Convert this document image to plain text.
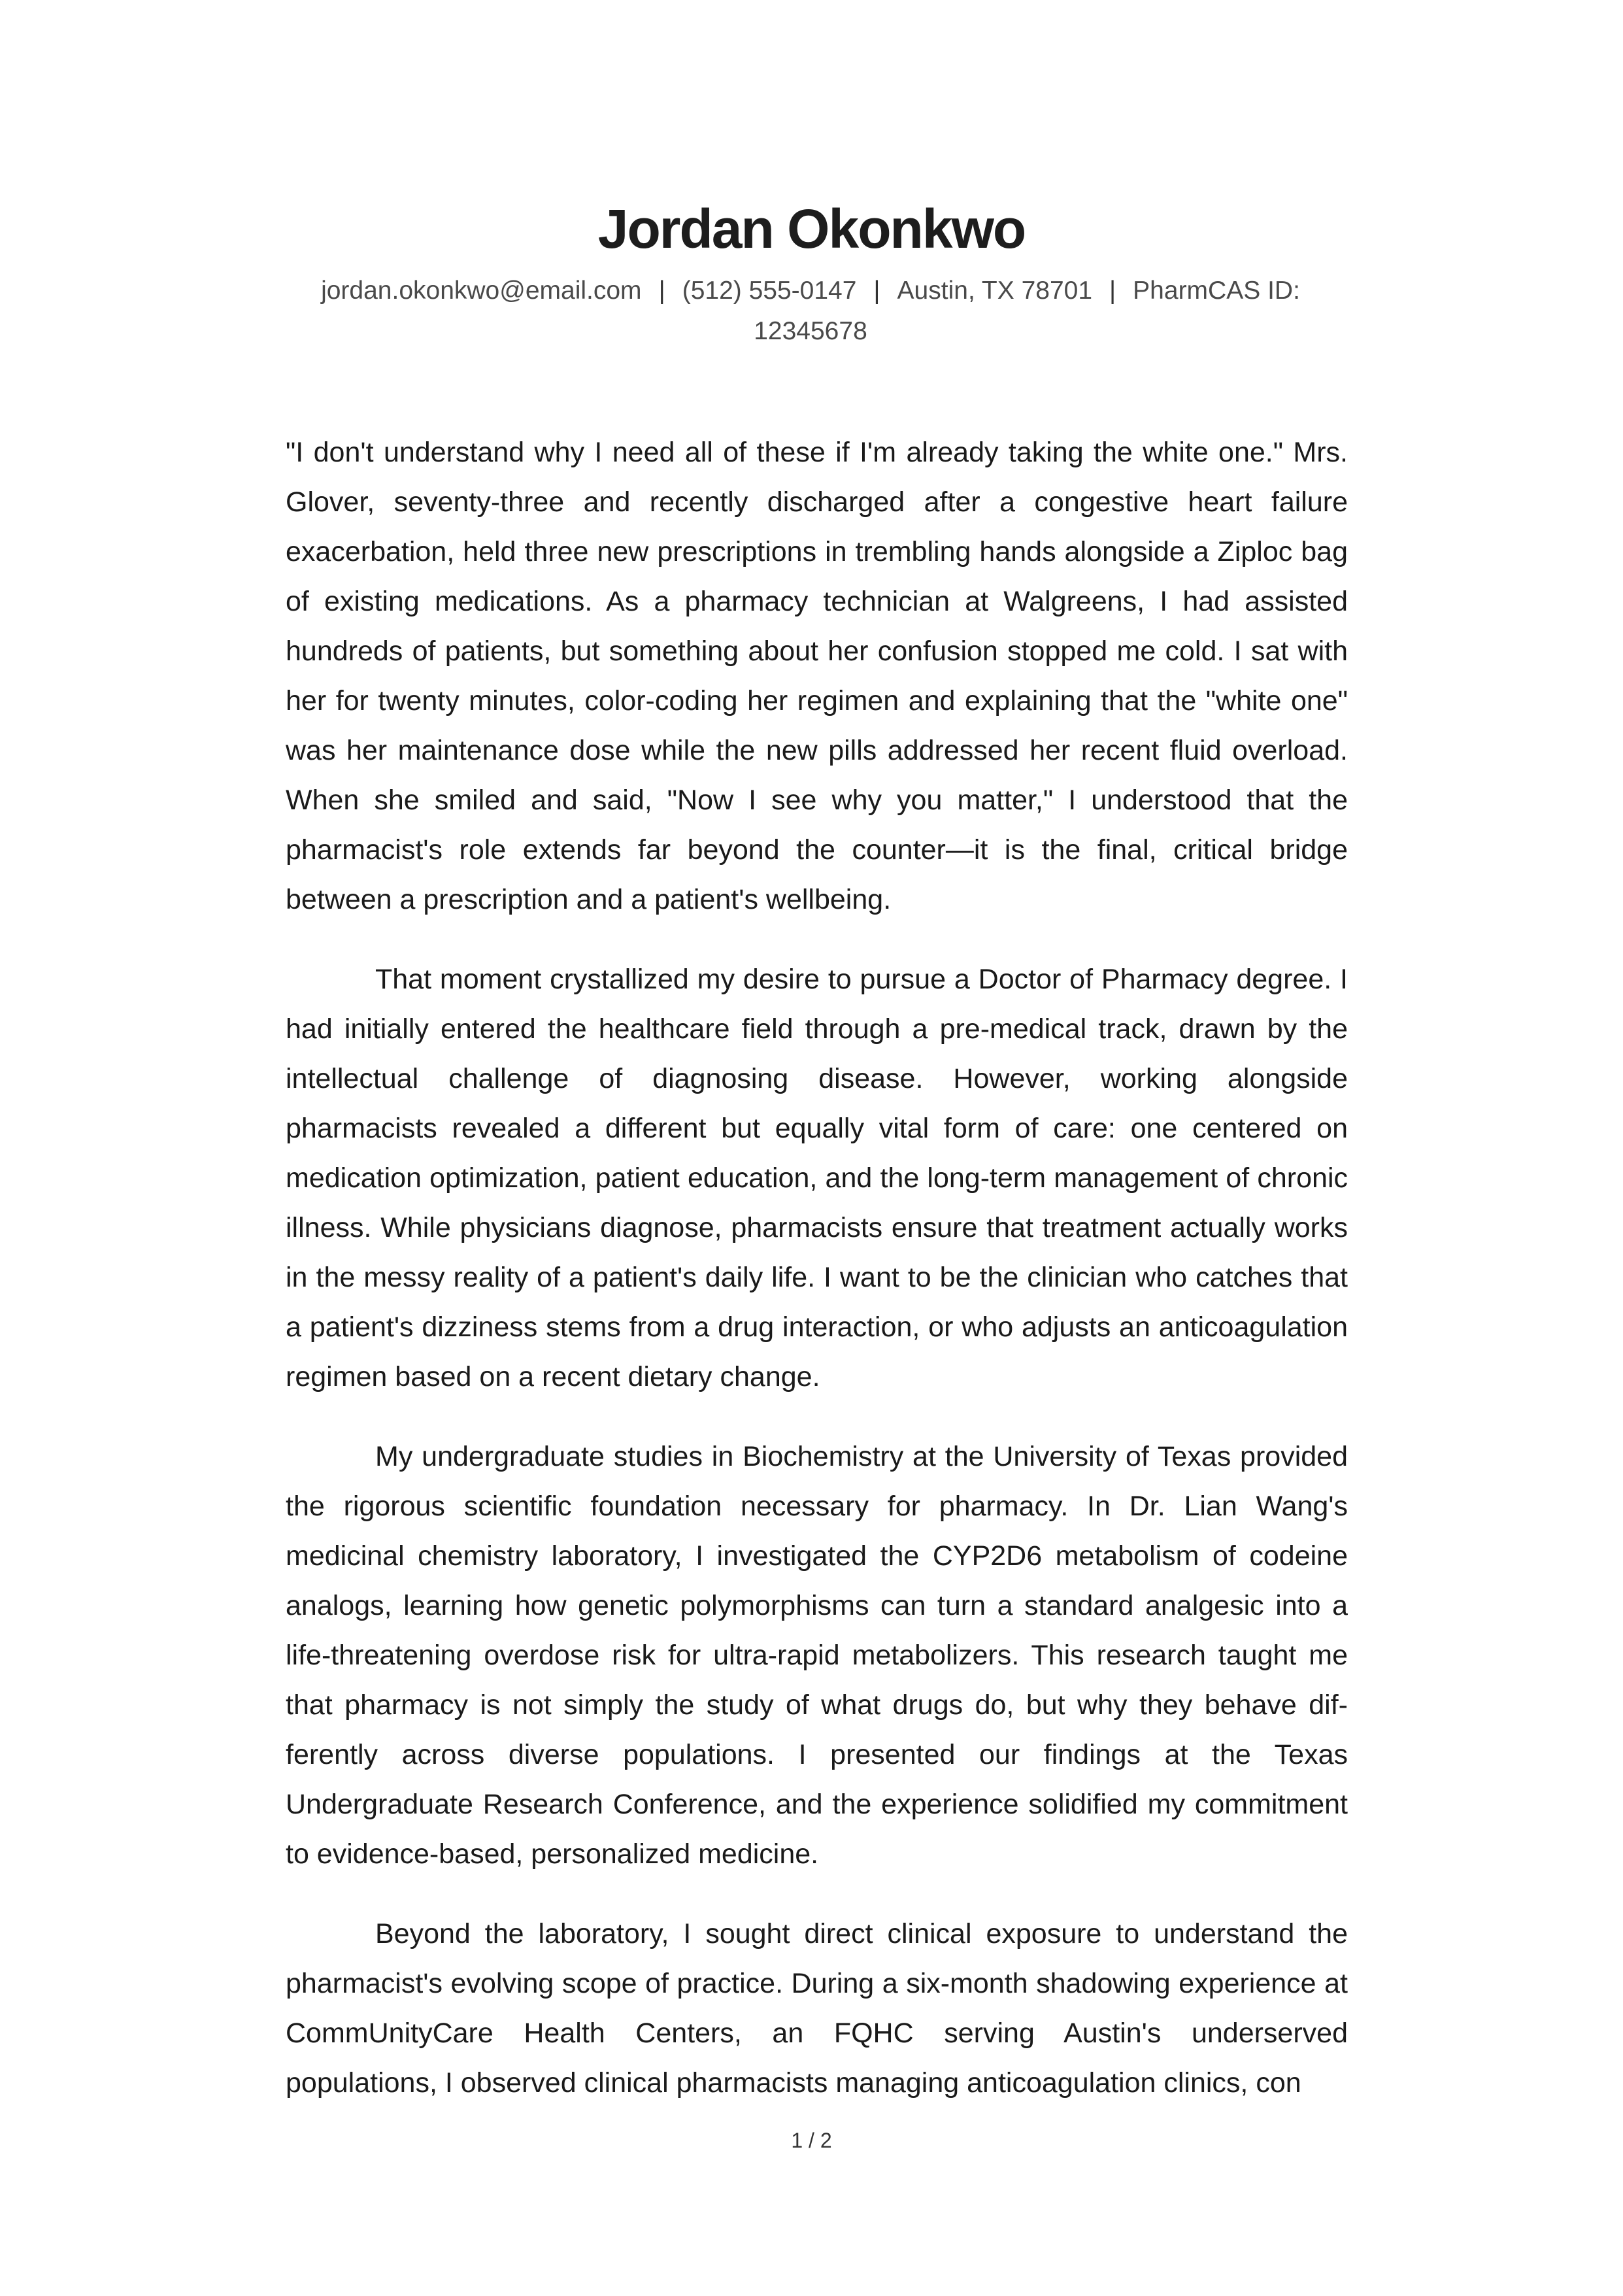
Jordan Okonkwo
jordan.okonkwo@email.com | (512) 555-0147 | Austin, TX 78701 | PharmCAS ID: 12345678

"I don't understand why I need all of these if I'm already taking the white one." Mrs. Glover, seventy-three and recently discharged after a congestive heart failure exacerbation, held three new prescriptions in trembling hands alongside a Ziploc bag of existing medications. As a pharmacy technician at Walgreens, I had assisted hundreds of patients, but something about her confusion stopped me cold. I sat with her for twenty minutes, color-coding her regimen and explaining that the "white one" was her maintenance dose while the new pills addressed her recent fluid overload. When she smiled and said, "Now I see why you matter," I understood that the pharmacist's role extends far beyond the counter—it is the final, critical bridge between a prescription and a patient's wellbeing.

That moment crystallized my desire to pursue a Doctor of Pharmacy degree. I had initially entered the healthcare field through a pre-medical track, drawn by the intellectual challenge of diagnosing disease. However, working alongside pharmacists revealed a different but equally vital form of care: one centered on medication optimization, patient education, and the long-term management of chronic illness. While physicians diagnose, pharmacists ensure that treatment actually works in the messy reality of a patient's daily life. I want to be the clinician who catches that a patient's dizziness stems from a drug interaction, or who adjusts an anticoagulation regimen based on a recent dietary change.

My undergraduate studies in Biochemistry at the University of Texas provided the rigorous scientific foundation necessary for pharmacy. In Dr. Lian Wang's medicinal chemistry laboratory, I investigated the CYP2D6 metabolism of codeine analogs, learning how genetic polymorphisms can turn a standard analgesic into a life-threatening overdose risk for ultra-rapid metabolizers. This research taught me that pharmacy is not simply the study of what drugs do, but why they behave differently across diverse populations. I presented our findings at the Texas Undergraduate Research Conference, and the experience solidified my commitment to evidence-based, personalized medicine.

Beyond the laboratory, I sought direct clinical exposure to understand the pharmacist's evolving scope of practice. During a six-month shadowing experience at CommUnityCare Health Centers, an FQHC serving Austin's underserved populations, I observed clinical pharmacists managing anticoagulation clinics, con

1 / 2
